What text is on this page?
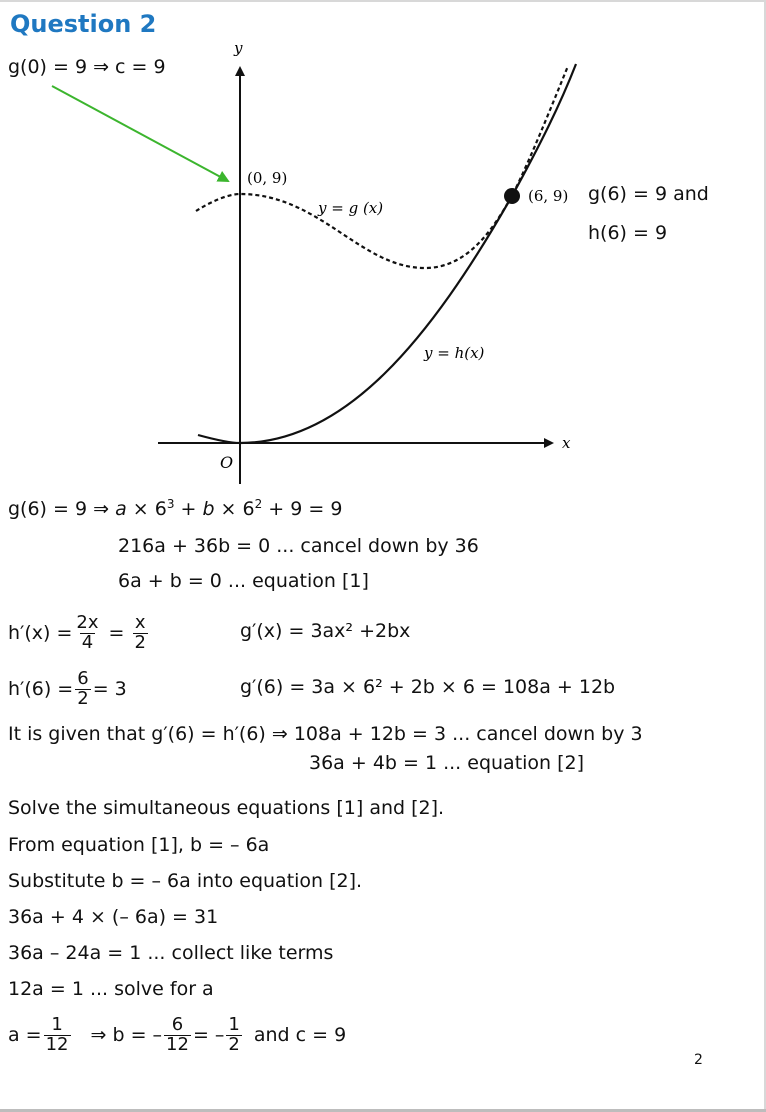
Question 2
g(0) = 9 ⇒ c = 9
y
x
O
(0, 9)
(6, 9)
y = g (x)
y = h(x)
g(6) = 9 and
h(6) = 9
g(6) = 9 ⇒ $a \times 6^3 + b \times 6^2 + 9 = 9$
216a + 36b = 0 ... cancel down by 36
6a + b = 0 ... equation [1]
$h'(x) = \frac{2x}{4} = \frac{x}{2}$	g′(x) = 3ax² +2bx
$h'(6) = \frac{6}{2} = 3$	g′(6) = 3a × 6² + 2b × 6 = 108a + 12b
It is given that g′(6) = h′(6) ⇒ 108a + 12b = 3 ... cancel down by 3
36a + 4b = 1 ... equation [2]
Solve the simultaneous equations [1] and [2].
From equation [1], b = – 6a
Substitute b = – 6a into equation [2].
36a + 4 × (– 6a) = 31
36a – 24a = 1 ... collect like terms
12a = 1 ... solve for a
$a = \frac{1}{12}$ ⇒ b = – $\frac{6}{12}$ = – $\frac{1}{2}$ and c = 9
2
